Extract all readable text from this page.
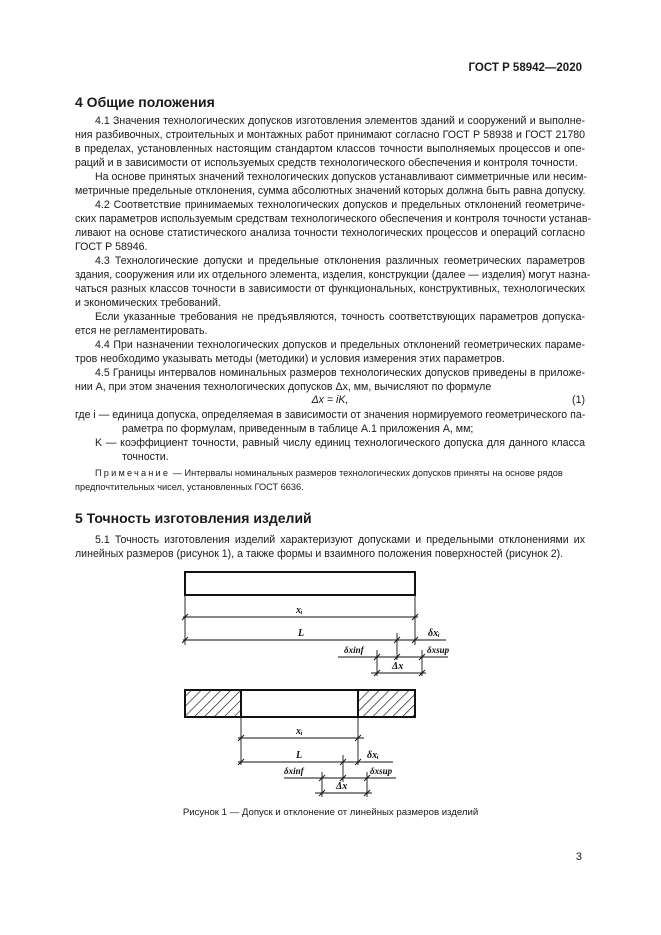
ГОСТ Р 58942—2020
4 Общие положения
4.1 Значения технологических допусков изготовления элементов зданий и сооружений и выполне-
ния разбивочных, строительных и монтажных работ принимают согласно ГОСТ Р 58938 и ГОСТ 21780
в пределах, установленных настоящим стандартом классов точности выполняемых процессов и опе-
раций и в зависимости от используемых средств технологического обеспечения и контроля точности.
На основе принятых значений технологических допусков устанавливают симметричные или несим-
метричные предельные отклонения, сумма абсолютных значений которых должна быть равна допуску.
4.2 Соответствие принимаемых технологических допусков и предельных отклонений геометриче-
ских параметров используемым средствам технологического обеспечения и контроля точности устанав-
ливают на основе статистического анализа точности технологических процессов и операций согласно
ГОСТ Р 58946.
4.3 Технологические допуски и предельные отклонения различных геометрических параметров
здания, сооружения или их отдельного элемента, изделия, конструкции (далее — изделия) могут назна-
чаться разных классов точности в зависимости от функциональных, конструктивных, технологических
и экономических требований.
Если указанные требования не предъявляются, точность соответствующих параметров допуска-
ется не регламентировать.
4.4 При назначении технологических допусков и предельных отклонений геометрических параме-
тров необходимо указывать методы (методики) и условия измерения этих параметров.
4.5 Границы интервалов номинальных размеров технологических допусков приведены в приложе-
нии А, при этом значения технологических допусков Δx, мм, вычисляют по формуле
Δx = iK,	(1)
где i — единица допуска, определяемая в зависимости от значения нормируемого геометрического па-
раметра по формулам, приведенным в таблице А.1 приложения А, мм;
K — коэффициент точности, равный числу единиц технологического допуска для данного класса
точности.
Примечание — Интервалы номинальных размеров технологических допусков приняты на основе рядов
предпочтительных чисел, установленных ГОСТ 6636.
5 Точность изготовления изделий
5.1 Точность изготовления изделий характеризуют допусками и предельными отклонениями их
линейных размеров (рисунок 1), а также формы и взаимного положения поверхностей (рисунок 2).
xᵢ
L	δxᵢ
δxinf	δxsup
Δx
xᵢ
L	δxᵢ
δxinf	δxsup
Δx
Рисунок 1 — Допуск и отклонение от линейных размеров изделий
3
